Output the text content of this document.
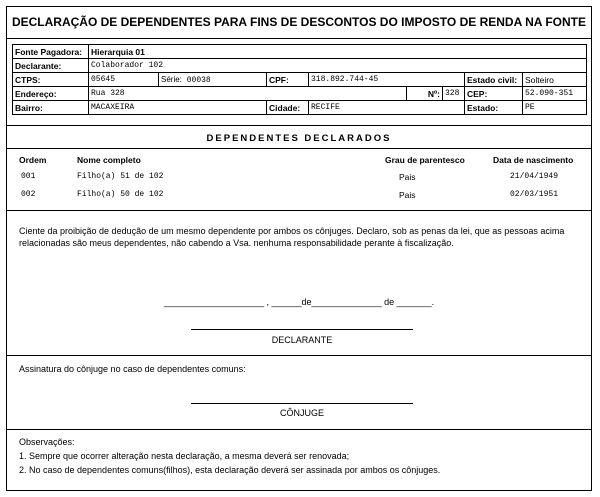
DECLARAÇÃO DE DEPENDENTES PARA FINS DE DESCONTOS DO IMPOSTO DE RENDA NA FONTE
Fonte Pagadora:	Hierarquia 01							
Declarante:	Colaborador 102							
CTPS:	05645	Série: 00038	CPF:	318.892.744-45			Estado civil:	Solteiro
Endereço:	Rua 328				Nº:	328	CEP:	52.090-351
Bairro:	MACAXEIRA		Cidade:	RECIFE			Estado:	PE
DEPENDENTES DECLARADOS
Ordem	Nome completo	Grau de parentesco	Data de nascimento
001	Filho(a) 51 de 102	Pais	21/04/1949
002	Filho(a) 50 de 102	Pais	02/03/1951
Ciente da proibição de dedução de um mesmo dependente por ambos os cônjuges. Declaro, sob as penas da lei, que as pessoas acima relacionadas são meus dependentes, não cabendo a Vsa. nenhuma responsabilidade perante à fiscalização.
____________________ , ______de______________ de _______.
DECLARANTE
Assinatura do cônjuge no caso de dependentes comuns:
CÔNJUGE
Observações:
1. Sempre que ocorrer alteração nesta declaração, a mesma deverá ser renovada;
2. No caso de dependentes comuns(filhos), esta declaração deverá ser assinada por ambos os cônjuges.
